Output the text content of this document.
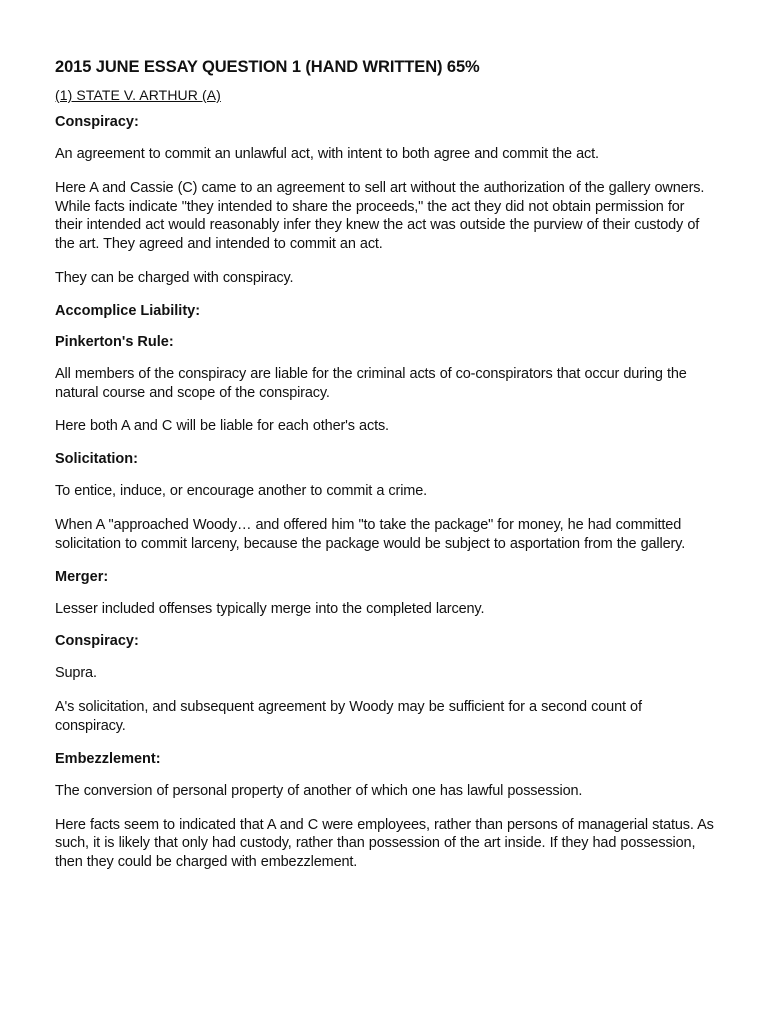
2015 JUNE ESSAY QUESTION 1 (HAND WRITTEN) 65%
(1) STATE V. ARTHUR (A)
Conspiracy:
An agreement to commit an unlawful act, with intent to both agree and commit the act.
Here A and Cassie (C) came to an agreement to sell art without the authorization of the gallery owners. While facts indicate "they intended to share the proceeds," the act they did not obtain permission for their intended act would reasonably infer they knew the act was outside the purview of their custody of the art. They agreed and intended to commit an act.
They can be charged with conspiracy.
Accomplice Liability:
Pinkerton's Rule:
All members of the conspiracy are liable for the criminal acts of co-conspirators that occur during the natural course and scope of the conspiracy.
Here both A and C will be liable for each other's acts.
Solicitation:
To entice, induce, or encourage another to commit a crime.
When A "approached Woody… and offered him "to take the package" for money, he had committed solicitation to commit larceny, because the package would be subject to asportation from the gallery.
Merger:
Lesser included offenses typically merge into the completed larceny.
Conspiracy:
Supra.
A's solicitation, and subsequent agreement by Woody may be sufficient for a second count of conspiracy.
Embezzlement:
The conversion of personal property of another of which one has lawful possession.
Here facts seem to indicated that A and C were employees, rather than persons of managerial status. As such, it is likely that only had custody, rather than possession of the art inside. If they had possession, then they could be charged with embezzlement.
